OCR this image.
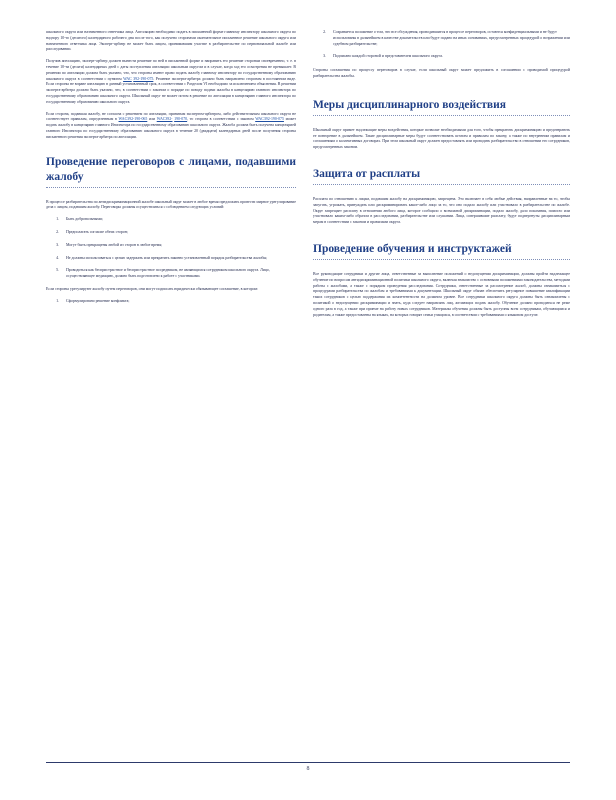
школьного округа или назначенного ответчика лица. Апелляцию необходимо подать в письменной форме главному инспектору школьного округа по надзору 10-то (десятого) календарного рабочего дня после того, как получено сторонами окончательное письменное решение школьного округа или назначенного ответчика лица. Эксперт-арбитр не может быть лицом, принимавшим участие в разбирательстве по первоначальной жалобе или расследовании.

Получив апелляцию, эксперт-арбитр должен вынести решение по ней в письменной форме и направить его решение сторонам своевременно, т. е. в течение 10-ти (десяти) календарных дней с даты поступления апелляции школьным округом и в случае, когда ход его осмотрения не превышает. В решении по апелляции должна быть указано, что, что стороны имеют право подать жалобу главному инспектору по государственному образованию школьного округа в соответствии с пунктом WAC 392-190-075. Решение эксперта-арбитра должно быть направлено сторонам в постоянном виде. Если стороны не вправе апелляцию в данный установленный срок, в соответствии с Разделом VI необходимо за исключением объяснения. В решении эксперта-арбитра должно быть указано, что, в соответствии с законом о порядке по поводу подачи жалобы в канцелярию главного инспектора по государственному образованию школьного округа. Школьный округ не может потом в решение по апелляции в канцелярию главного инспектора по государственному образованию школьного округа.

Если сторона, подавшая жалобу, не согласна с решением по апелляции, принятым экспертом-арбитром, либо действительным школьного округа не соответствует правилам, определенным в WAC392-190-065 или WAC392- 190-070, то сторона в соответствии с законом WAC392-190-075 может подать жалобу в канцелярию главного Инспектора по государственному образованию школьного округа. Жалоба должна быть получена канцелярией главного Инспектора по государственному образованию школьного округа в течение 20 (двадцати) календарных дней после получения стороны письменного решения эксперта-арбитра по апелляции.

Проведение переговоров с лицами, подавшими жалобу

В процессе разбирательства по антидискриминационной жалобе школьный округ может в любое время предложить провести мирное урегулирование дела с лицом, подавшим жалобу. Переговоры должны осуществляться с соблюдением следующих условий:

1. Быть добровольными;
2. Предполагать согласие обеих сторон;
3. Могут быть прекращены любой из сторон в любое время;
4. Не должны использоваться с целью задержать или прекратить законно установленный порядок разбирательства жалобы;
5. Проводиться как беспристрастное и беспристрастное посредником, не являющимся сотрудником школьного округа. Лицо, осуществляющее медиацию, должно быть подготовлено к работе с участниками.

Если стороны урегулируют жалобу путем переговоров, они могут подписать юридически обязывающее соглашение, в котором:

1. Сформулировано решение конфликта;
2. Сохраняется положение о том, что все обсуждения, проводившиеся в процессе переговоров, остаются конфиденциальными и не будут использованы в дальнейшем в качестве доказательств или будут подано на иных основаниях, предусмотренных процедурой о возражении или судебном разбирательстве;
3. Подписано каждой стороной и представителем школьного округа.

Стороны соглашения по процессу переговоров в случае, если школьный округ может предложить в соглашении с проводимой процедурой разбирательства жалобы.

Меры дисциплинарного воздействия

Школьный округ примет надлежащие меры воздействия, которые позволят необходимыми для того, чтобы прекратить дискриминацию и предотвратить ее повторение в дальнейшем. Такие дисциплинарные меры будут соответствовать штатам и правилам по закону, а также по внутренним правилам и соглашениям о коллективных договорах. При этом школьный округ должен предоставлять или проводить разбирательство в отношении его сотрудников, предусмотренных законом.

Защита от расплаты

Расплата по отношению к лицам, подавшим жалобу на дискриминацию, запрещена. Это включает в себя любые действия, направленные на то, чтобы запугать, угрожать, принуждать или дискриминировать какое-либо лицо за то, что оно подало жалобу или участвовало в разбирательстве по жалобе. Округ запрещает расплату в отношении любого лица, которое сообщило о возможной дискриминации, подало жалобу, дало показания, помогло или участвовало каким-либо образом в расследовании, разбирательстве или слушании. Лица, совершившие расплату, будут подвергнуты дисциплинарным мерам в соответствии с законом и правилами округа.

Проведение обучения и инструктажей

Все руководящие сотрудники и другие лица, ответственные за выполнение положений о недопущении дискриминации, должны пройти надлежащее обучение по вопросам антидискриминационной политики школьного округа, включая знакомство с основными положениями законодательства, методами работы с жалобами, а также с порядком проведения расследования. Сотрудники, ответственные за рассмотрение жалоб, должны ознакомиться с процедурами разбирательства по жалобам и требованиями к документации. Школьный округ обязан обеспечить регулярное повышение квалификации таких сотрудников с целью поддержания их компетентности на должном уровне. Все сотрудники школьного округа должны быть ознакомлены с политикой о недопущении дискриминации и знать, куда следует направлять лиц, желающих подать жалобу. Обучение должно проводиться не реже одного раза в год, а также при приеме на работу новых сотрудников. Материалы обучения должны быть доступны всем сотрудникам, обучающимся и родителям, а также предоставлены на языках, на которых говорят семьи учащихся, в соответствии с требованиями о языковом доступе.

8
